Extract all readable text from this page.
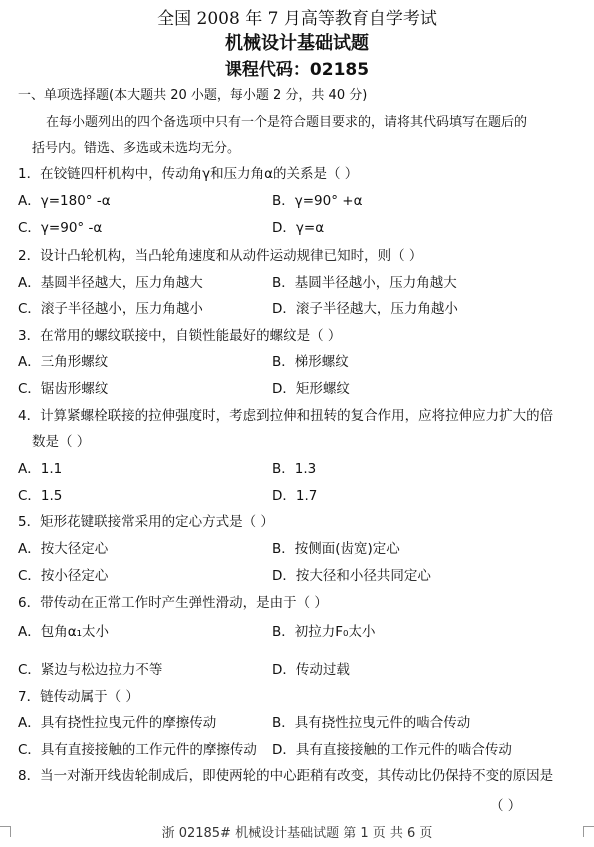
全国 2008 年 7 月高等教育自学考试
机械设计基础试题
课程代码：02185
一、单项选择题(本大题共 20 小题，每小题 2 分，共 40 分)
在每小题列出的四个备选项中只有一个是符合题目要求的，请将其代码填写在题后的
括号内。错选、多选或未选均无分。
1．在铰链四杆机构中，传动角γ和压力角α的关系是（ ）
A．γ=180° -α	B．γ=90° +α
C．γ=90° -α	D．γ=α
2．设计凸轮机构，当凸轮角速度和从动件运动规律已知时，则（ ）
A．基圆半径越大，压力角越大	B．基圆半径越小，压力角越大
C．滚子半径越小，压力角越小	D．滚子半径越大，压力角越小
3．在常用的螺纹联接中，自锁性能最好的螺纹是（ ）
A．三角形螺纹	B．梯形螺纹
C．锯齿形螺纹	D．矩形螺纹
4．计算紧螺栓联接的拉伸强度时，考虑到拉伸和扭转的复合作用，应将拉伸应力扩大的倍
数是（ ）
A．1.1	B．1.3
C．1.5	D．1.7
5．矩形花键联接常采用的定心方式是（ ）
A．按大径定心	B．按侧面(齿宽)定心
C．按小径定心	D．按大径和小径共同定心
6．带传动在正常工作时产生弹性滑动，是由于（ ）
A．包角α₁太小	B．初拉力F₀太小
C．紧边与松边拉力不等	D．传动过载
7．链传动属于（ ）
A．具有挠性拉曳元件的摩擦传动	B．具有挠性拉曳元件的啮合传动
C．具有直接接触的工作元件的摩擦传动 D．具有直接接触的工作元件的啮合传动
8．当一对渐开线齿轮制成后，即使两轮的中心距稍有改变，其传动比仍保持不变的原因是
（ ）
浙 02185# 机械设计基础试题 第 1 页 共 6 页
